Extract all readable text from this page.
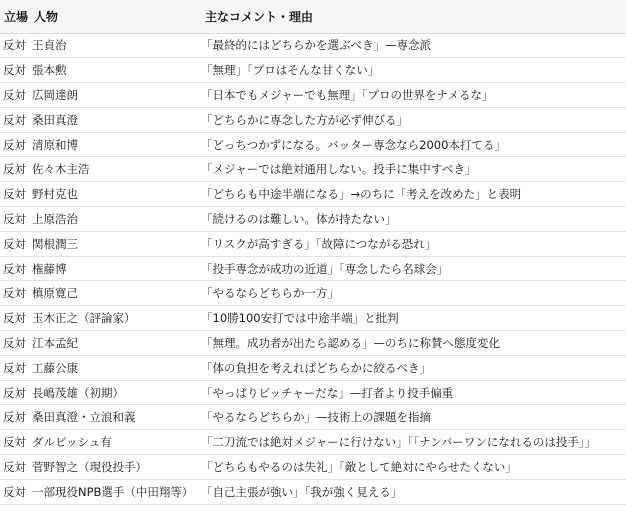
立場	人物	主なコメント・理由
反対	王貞治	「最終的にはどちらかを選ぶべき」—専念派
反対	張本勲	「無理」「プロはそんな甘くない」
反対	広岡達朗	「日本でもメジャーでも無理」「プロの世界をナメるな」
反対	桑田真澄	「どちらかに専念した方が必ず伸びる」
反対	清原和博	「どっちつかずになる。バッター専念なら2000本打てる」
反対	佐々木主浩	「メジャーでは絶対通用しない。投手に集中すべき」
反対	野村克也	「どちらも中途半端になる」→のちに「考えを改めた」と表明
反対	上原浩治	「続けるのは難しい。体が持たない」
反対	関根潤三	「リスクが高すぎる」「故障につながる恐れ」
反対	権藤博	「投手専念が成功の近道」「専念したら名球会」
反対	槙原寛己	「やるならどちらか一方」
反対	玉木正之（評論家）	「10勝100安打では中途半端」と批判
反対	江本孟紀	「無理。成功者が出たら認める」—のちに称賛へ態度変化
反対	工藤公康	「体の負担を考えればどちらかに絞るべき」
反対	長嶋茂雄（初期）	「やっぱりピッチャーだな」—打者より投手偏重
反対	桑田真澄・立浪和義	「やるならどちらか」—技術上の課題を指摘
反対	ダルビッシュ有	「二刀流では絶対メジャーに行けない」「「ナンバーワンになれるのは投手」」
反対	菅野智之（現役投手）	「どちらもやるのは失礼」「敵として絶対にやらせたくない」
反対	一部現役NPB選手（中田翔等）	「自己主張が強い」「我が強く見える」
